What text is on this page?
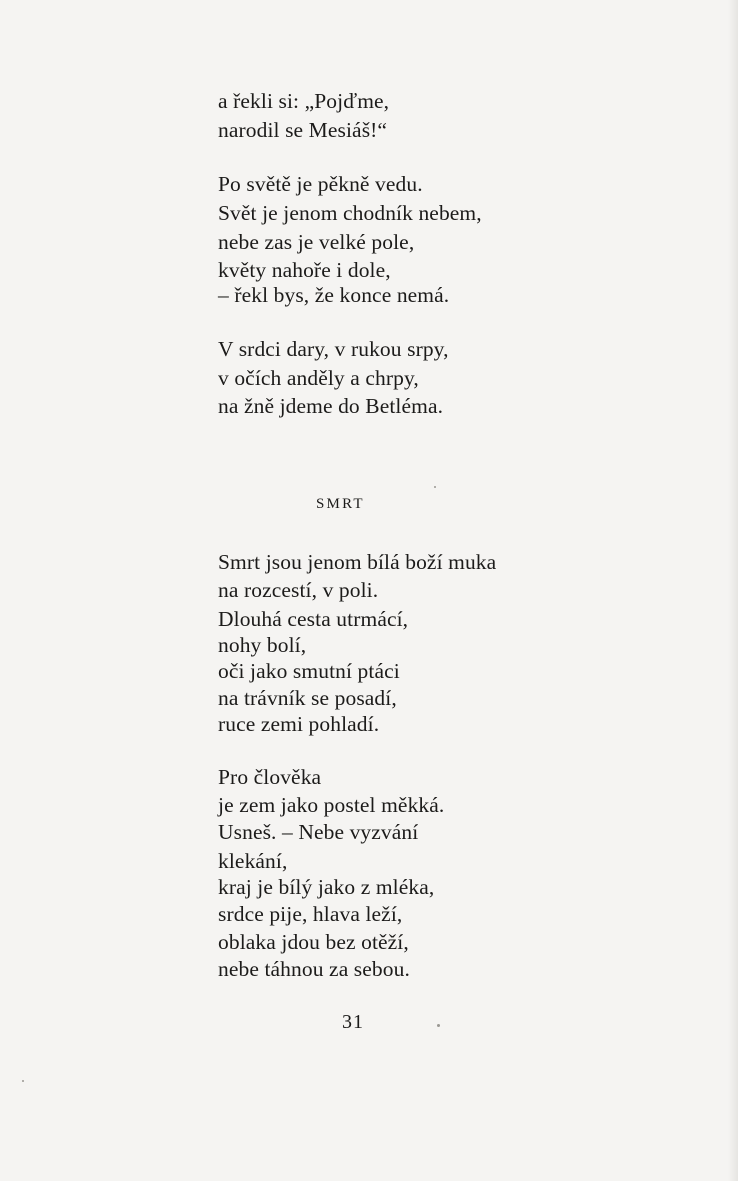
a řekli si: „Pojďme,
narodil se Mesiáš!“
Po světě je pěkně vedu.
Svět je jenom chodník nebem,
nebe zas je velké pole,
květy nahoře i dole,
– řekl bys, že konce nemá.
V srdci dary, v rukou srpy,
v očích anděly a chrpy,
na žně jdeme do Betléma.
SMRT
Smrt jsou jenom bílá boží muka
na rozcestí, v poli.
Dlouhá cesta utrmácí,
nohy bolí,
oči jako smutní ptáci
na trávník se posadí,
ruce zemi pohladí.
Pro člověka
je zem jako postel měkká.
Usneš. – Nebe vyzvání
klekání,
kraj je bílý jako z mléka,
srdce pije, hlava leží,
oblaka jdou bez otěží,
nebe táhnou za sebou.
31
